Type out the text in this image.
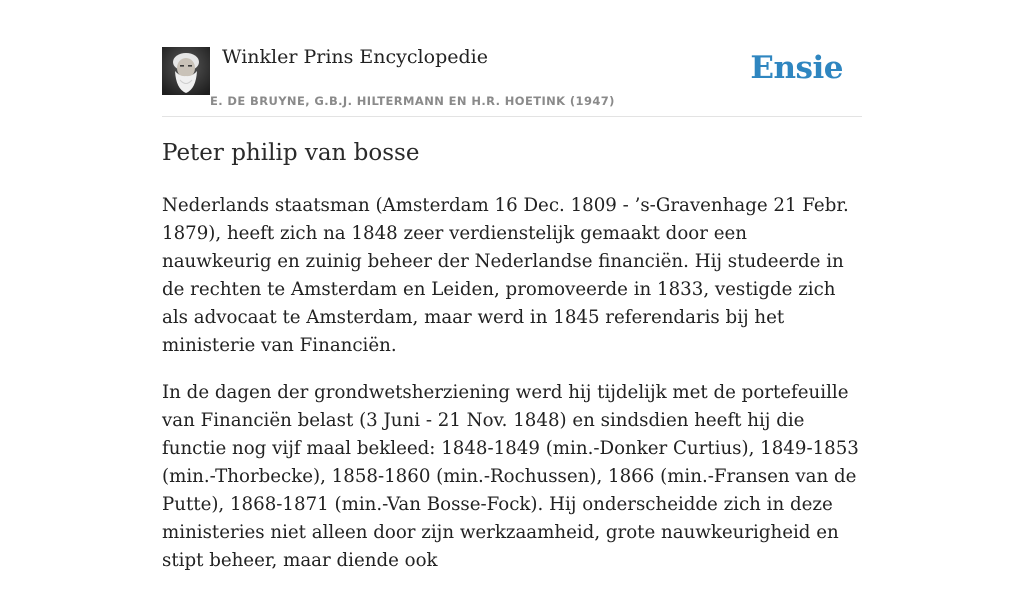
Winkler Prins Encyclopedie
E. DE BRUYNE, G.B.J. HILTERMANN EN H.R. HOETINK (1947)
Ensie
Peter philip van bosse

Nederlands staatsman (Amsterdam 16 Dec. 1809 - ’s-Gravenhage 21 Febr. 1879), heeft zich na 1848 zeer verdienstelijk gemaakt door een nauwkeurig en zuinig beheer der Nederlandse financiën. Hij studeerde in de rechten te Amsterdam en Leiden, promoveerde in 1833, vestigde zich als advocaat te Amsterdam, maar werd in 1845 referendaris bij het ministerie van Financiën.

In de dagen der grondwetsherziening werd hij tijdelijk met de portefeuille van Financiën belast (3 Juni - 21 Nov. 1848) en sindsdien heeft hij die functie nog vijf maal bekleed: 1848-1849 (min.-Donker Curtius), 1849-1853 (min.-Thorbecke), 1858-1860 (min.-Rochussen), 1866 (min.-Fransen van de Putte), 1868-1871 (min.-Van Bosse-Fock). Hij onderscheidde zich in deze ministeries niet alleen door zijn werkzaamheid, grote nauwkeurigheid en stipt beheer, maar diende ook
